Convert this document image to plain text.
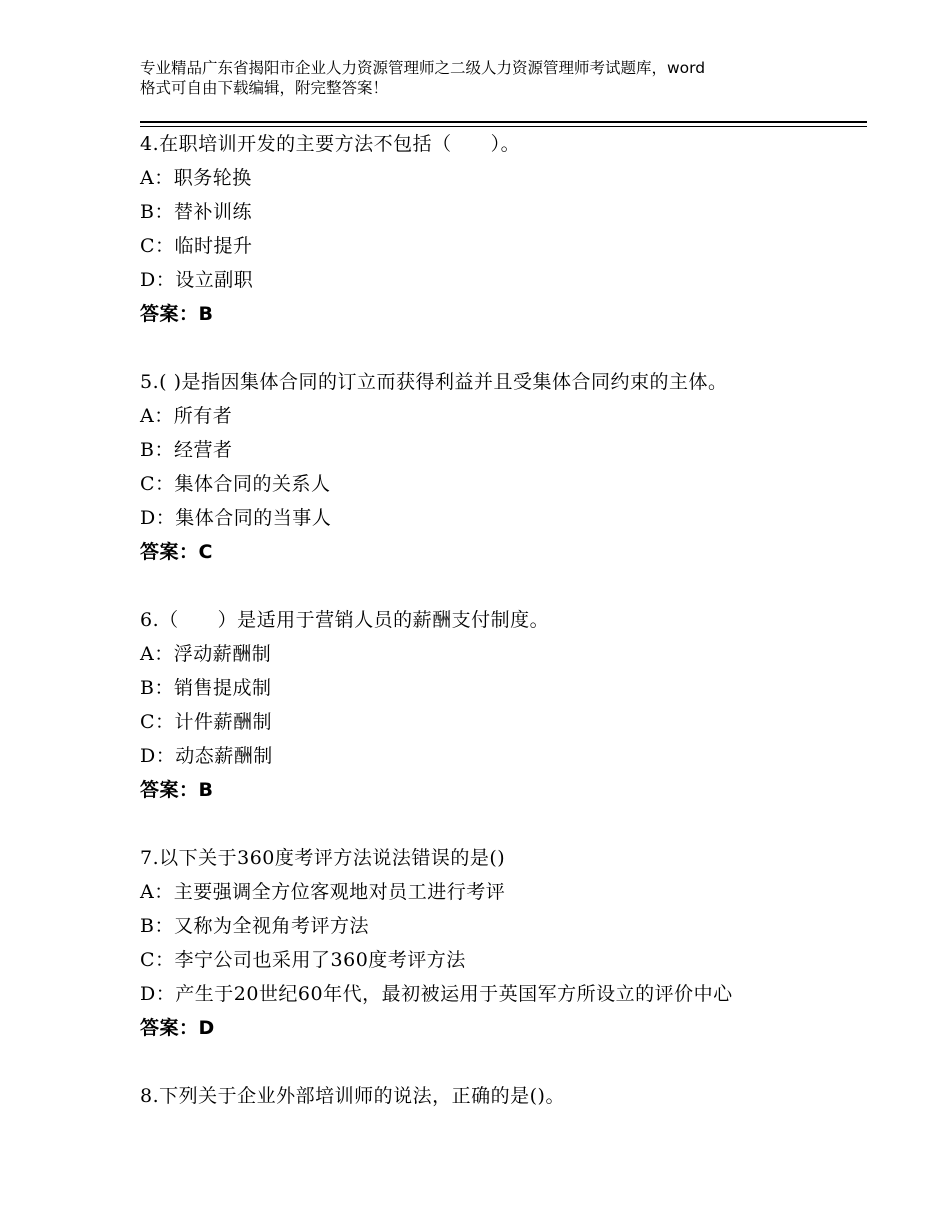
专业精品广东省揭阳市企业人力资源管理师之二级人力资源管理师考试题库，word
格式可自由下载编辑，附完整答案！
4.在职培训开发的主要方法不包括（　　）。
A：职务轮换
B：替补训练
C：临时提升
D：设立副职
答案：B
5.( )是指因集体合同的订立而获得利益并且受集体合同约束的主体。
A：所有者
B：经营者
C：集体合同的关系人
D：集体合同的当事人
答案：C
6.（　　）是适用于营销人员的薪酬支付制度。
A：浮动薪酬制
B：销售提成制
C：计件薪酬制
D：动态薪酬制
答案：B
7.以下关于360度考评方法说法错误的是()
A：主要强调全方位客观地对员工进行考评
B：又称为全视角考评方法
C：李宁公司也采用了360度考评方法
D：产生于20世纪60年代，最初被运用于英国军方所设立的评价中心
答案：D
8.下列关于企业外部培训师的说法，正确的是()。
